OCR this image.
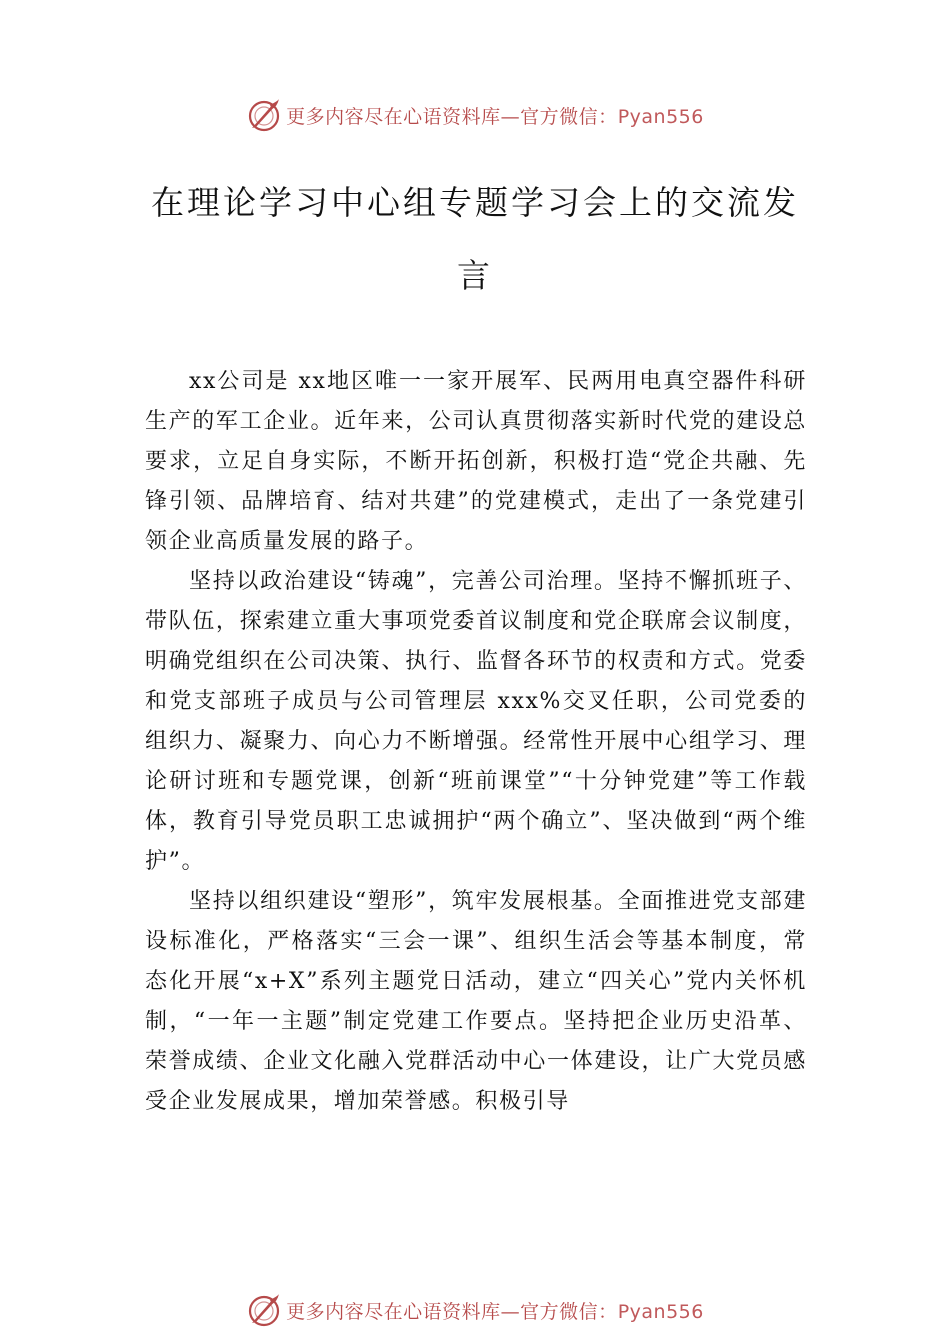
更多内容尽在心语资料库—官方微信：Pyan556
在理论学习中心组专题学习会上的交流发言

xx公司是 xx地区唯一一家开展军、民两用电真空器件科研生产的军工企业。近年来，公司认真贯彻落实新时代党的建设总要求，立足自身实际，不断开拓创新，积极打造“党企共融、先锋引领、品牌培育、结对共建”的党建模式，走出了一条党建引领企业高质量发展的路子。

坚持以政治建设“铸魂”，完善公司治理。坚持不懈抓班子、带队伍，探索建立重大事项党委首议制度和党企联席会议制度，明确党组织在公司决策、执行、监督各环节的权责和方式。党委和党支部班子成员与公司管理层 xxx%交叉任职，公司党委的组织力、凝聚力、向心力不断增强。经常性开展中心组学习、理论研讨班和专题党课，创新“班前课堂”“十分钟党建”等工作载体，教育引导党员职工忠诚拥护“两个确立”、坚决做到“两个维护”。

坚持以组织建设“塑形”，筑牢发展根基。全面推进党支部建设标准化，严格落实“三会一课”、组织生活会等基本制度，常态化开展“x+X”系列主题党日活动，建立“四关心”党内关怀机制，“一年一主题”制定党建工作要点。坚持把企业历史沿革、荣誉成绩、企业文化融入党群活动中心一体建设，让广大党员感受企业发展成果，增加荣誉感。积极引导

更多内容尽在心语资料库—官方微信：Pyan556
